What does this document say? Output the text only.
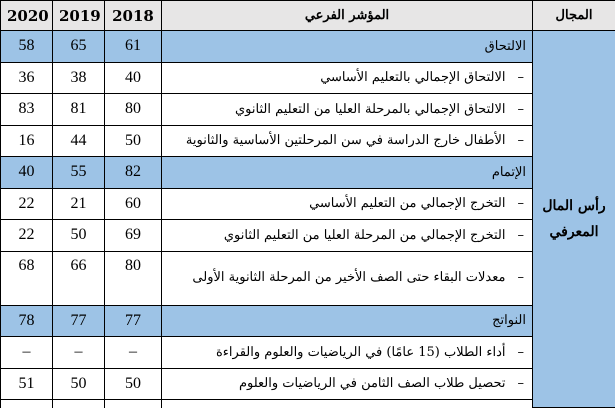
2020	2019	2018	المؤشر الفرعي	المجال
58	65	61	الالتحاق	رأس المال
المعرفي

36	38	40	–الالتحاق الإجمالي بالتعليم الأساسي	
83	81	80	–الالتحاق الإجمالي بالمرحلة العليا من التعليم الثانوي	
16	44	50	–الأطفال خارج الدراسة في سن المرحلتين الأساسية والثانوية	
40	55	82	الإتمام	
22	21	60	–التخرج الإجمالي من التعليم الأساسي	
22	50	69	–التخرج الإجمالي من المرحلة العليا من التعليم الثانوي	
68	66	80	–معدلات البقاء حتى الصف الأخير من المرحلة الثانوية الأولى	
78	77	77	النواتج	
–	–	–	–أداء الطلاب (15 عامًا) في الرياضيات والعلوم والقراءة	
51	50	50	–تحصيل طلاب الصف الثامن في الرياضيات والعلوم	
